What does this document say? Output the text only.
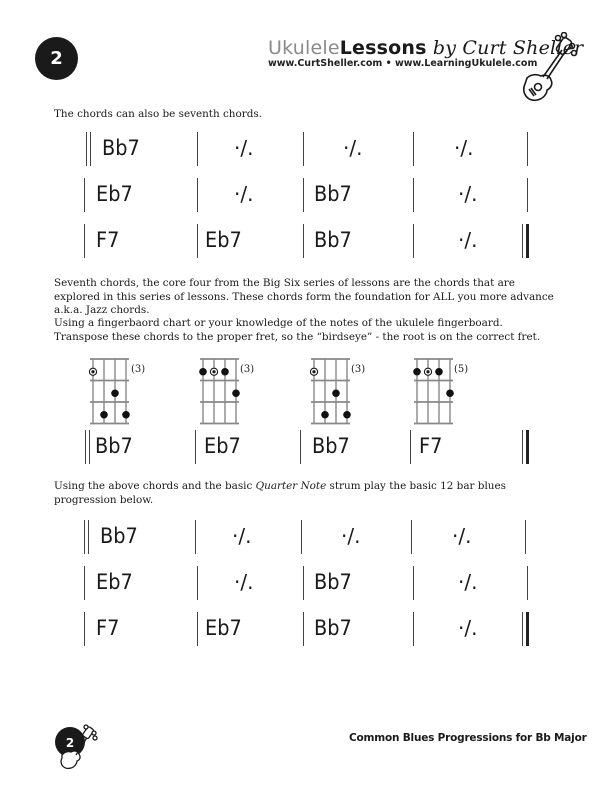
2	UkuleleLessons by Curt Sheller
www.CurtSheller.com • www.LearningUkulele.com
The chords can also be seventh chords.
Bb7	·/.	·/.	·/.
Eb7	·/.	Bb7	·/.
F7	Eb7	Bb7	·/.
Seventh chords, the core four from the Big Six series of lessons are the chords that are explored in this series of lessons. These chords form the foundation for ALL you more advance a.k.a. Jazz chords.
Using a fingerbaord chart or your knowledge of the notes of the ukulele fingerboard. Transpose these chords to the proper fret, so the “birdseye” - the root is on the correct fret.
(3)	(3)	(3)	(5)
Bb7	Eb7	Bb7	F7
Using the above chords and the basic Quarter Note strum play the basic 12 bar blues progression below.
Bb7	·/.	·/.	·/.
Eb7	·/.	Bb7	·/.
F7	Eb7	Bb7	·/.
2	Common Blues Progressions for Bb Major
